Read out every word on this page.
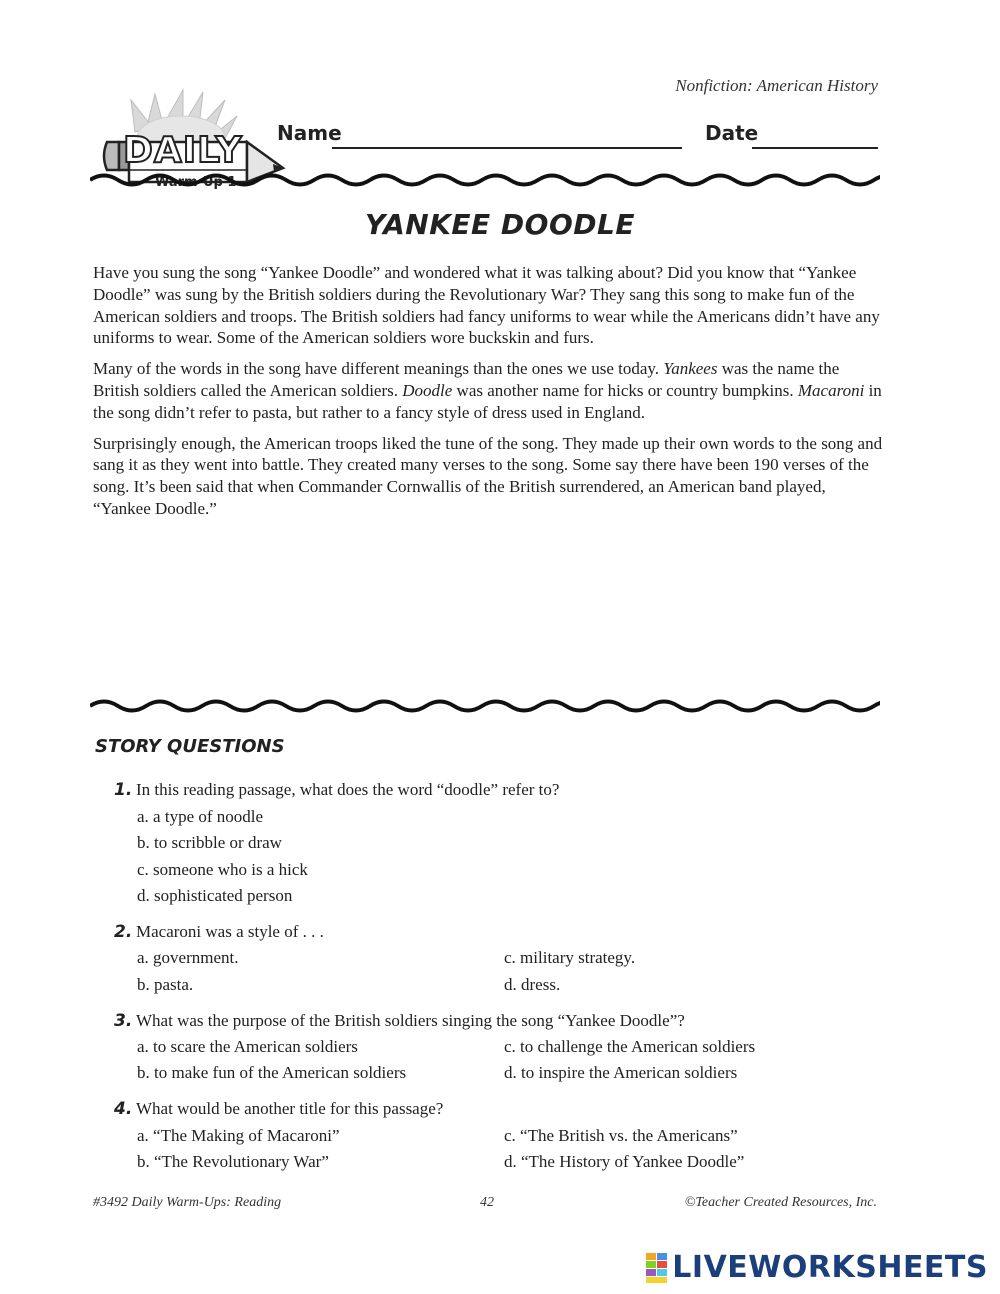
Nonfiction: American History
DAILY
Warm-Up 1
Name	Date
YANKEE DOODLE

Have you sung the song “Yankee Doodle” and wondered what it was talking about? Did you know that “Yankee Doodle” was sung by the British soldiers during the Revolutionary War? They sang this song to make fun of the American soldiers and troops. The British soldiers had fancy uniforms to wear while the Americans didn’t have any uniforms to wear. Some of the American soldiers wore buckskin and furs.

Many of the words in the song have different meanings than the ones we use today. Yankees was the name the British soldiers called the American soldiers. Doodle was another name for hicks or country bumpkins. Macaroni in the song didn’t refer to pasta, but rather to a fancy style of dress used in England.

Surprisingly enough, the American troops liked the tune of the song. They made up their own words to the song and sang it as they went into battle. They created many verses to the song. Some say there have been 190 verses of the song. It’s been said that when Commander Cornwallis of the British surrendered, an American band played, “Yankee Doodle.”

STORY QUESTIONS
1. In this reading passage, what does the word “doodle” refer to?
a. a type of noodle
b. to scribble or draw
c. someone who is a hick
d. sophisticated person
2. Macaroni was a style of . . .
a. government.	c. military strategy.
b. pasta.	d. dress.
3. What was the purpose of the British soldiers singing the song “Yankee Doodle”?
a. to scare the American soldiers	c. to challenge the American soldiers
b. to make fun of the American soldiers	d. to inspire the American soldiers
4. What would be another title for this passage?
a. “The Making of Macaroni”	c. “The British vs. the Americans”
b. “The Revolutionary War”	d. “The History of Yankee Doodle”
#3492 Daily Warm-Ups: Reading	42	©Teacher Created Resources, Inc.
LIVEWORKSHEETS
